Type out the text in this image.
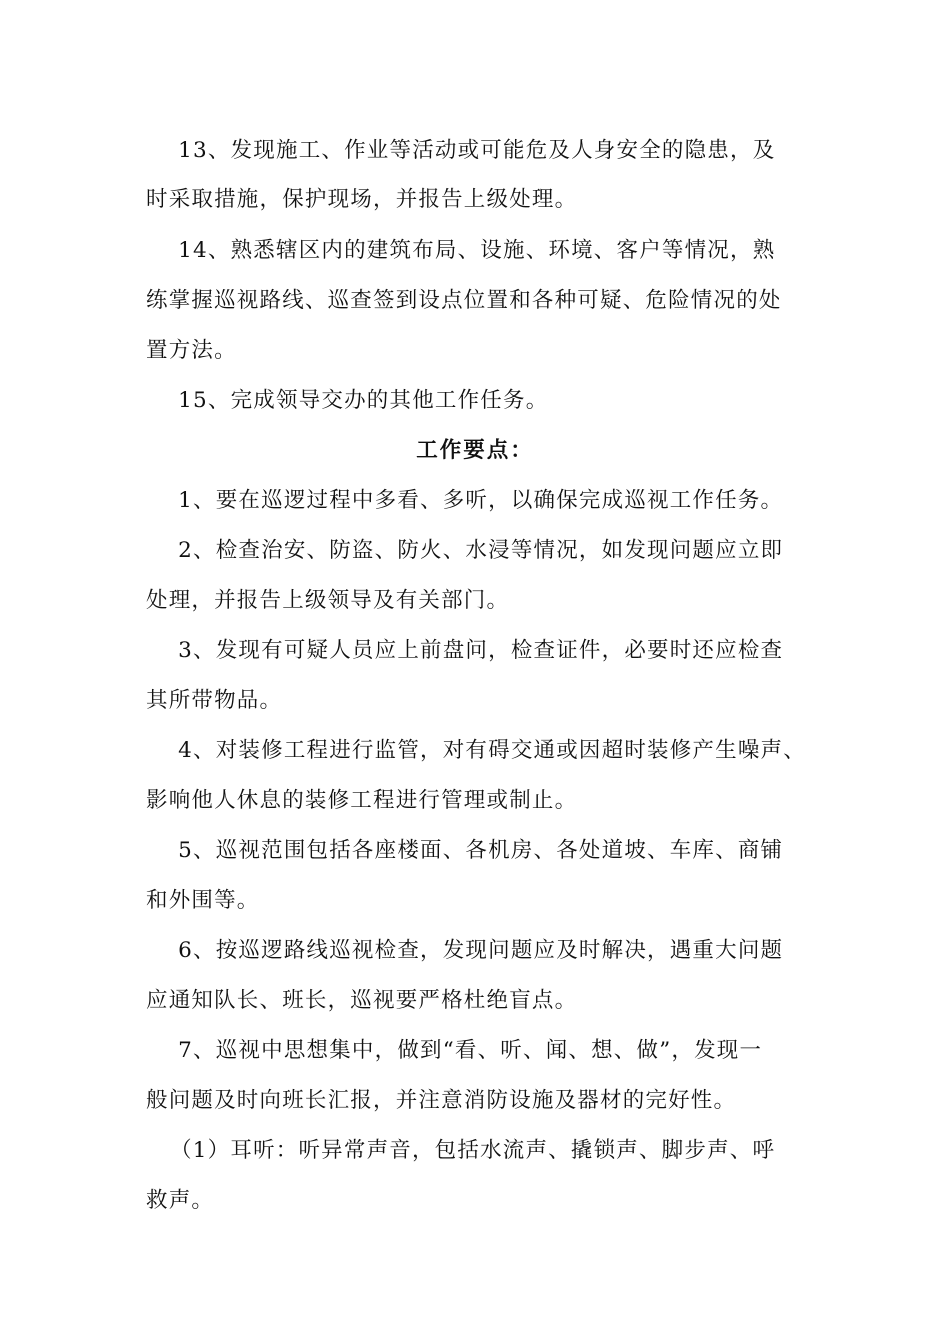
13、发现施工、作业等活动或可能危及人身安全的隐患，及
时采取措施，保护现场，并报告上级处理。
14、熟悉辖区内的建筑布局、设施、环境、客户等情况，熟
练掌握巡视路线、巡查签到设点位置和各种可疑、危险情况的处
置方法。
15、完成领导交办的其他工作任务。
工作要点：
1、要在巡逻过程中多看、多听，以确保完成巡视工作任务。
2、检查治安、防盗、防火、水浸等情况，如发现问题应立即
处理，并报告上级领导及有关部门。
3、发现有可疑人员应上前盘问，检查证件，必要时还应检查
其所带物品。
4、对装修工程进行监管，对有碍交通或因超时装修产生噪声、
影响他人休息的装修工程进行管理或制止。
5、巡视范围包括各座楼面、各机房、各处道坡、车库、商铺
和外围等。
6、按巡逻路线巡视检查，发现问题应及时解决，遇重大问题
应通知队长、班长，巡视要严格杜绝盲点。
7、巡视中思想集中，做到“看、听、闻、想、做”，发现一
般问题及时向班长汇报，并注意消防设施及器材的完好性。
（1）耳听：听异常声音，包括水流声、撬锁声、脚步声、呼
救声。
